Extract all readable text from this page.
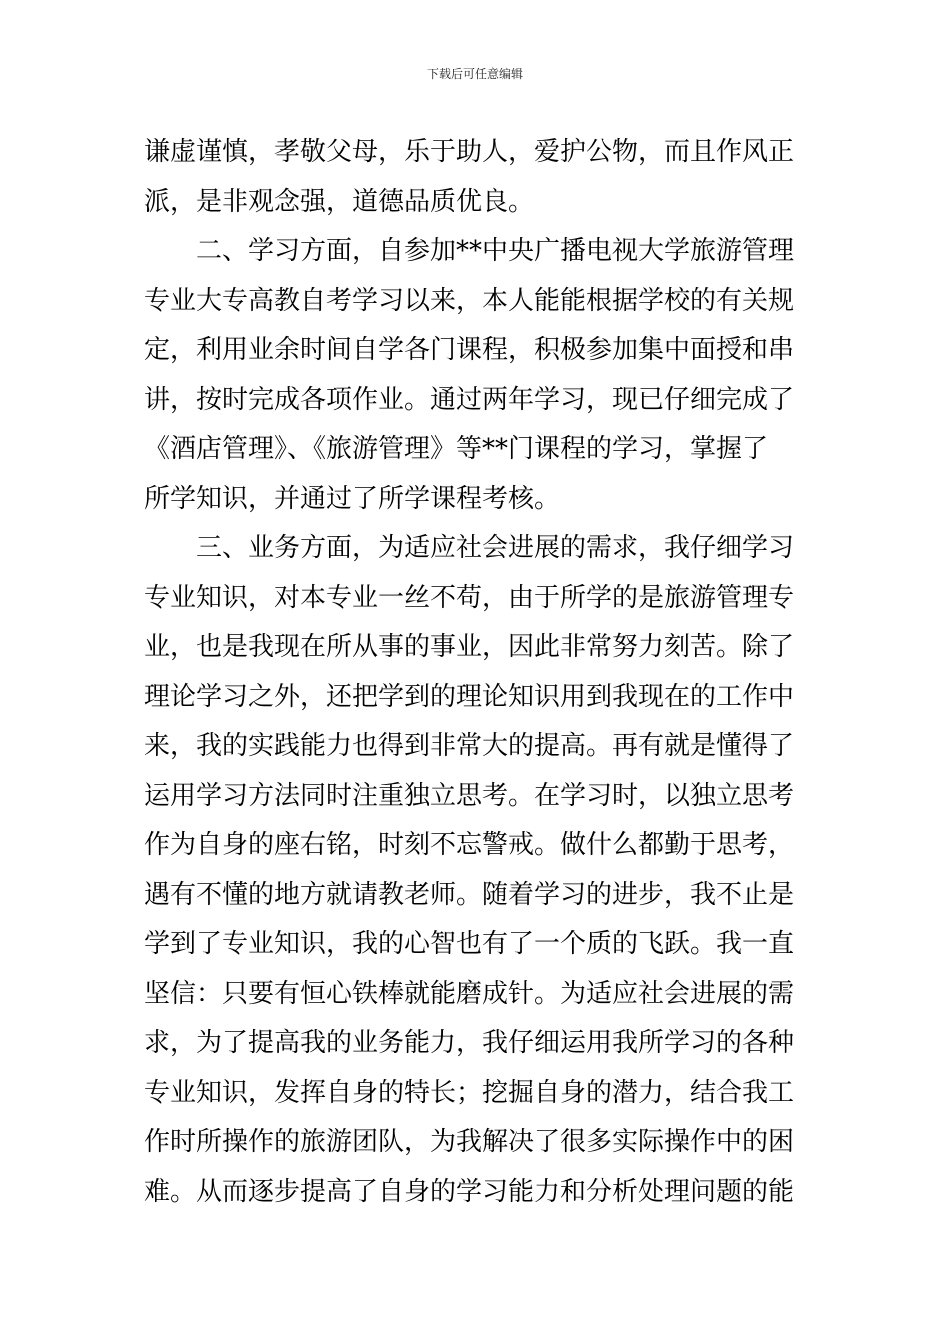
下载后可任意编辑
谦虚谨慎，孝敬父母，乐于助人，爱护公物，而且作风正
派，是非观念强，道德品质优良。
二、学习方面，自参加**中央广播电视大学旅游管理
专业大专高教自考学习以来，本人能能根据学校的有关规
定，利用业余时间自学各门课程，积极参加集中面授和串
讲，按时完成各项作业。通过两年学习，现已仔细完成了
《酒店管理》、《旅游管理》等**门课程的学习，掌握了
所学知识，并通过了所学课程考核。
三、业务方面，为适应社会进展的需求，我仔细学习
专业知识，对本专业一丝不苟，由于所学的是旅游管理专
业，也是我现在所从事的事业，因此非常努力刻苦。除了
理论学习之外，还把学到的理论知识用到我现在的工作中
来，我的实践能力也得到非常大的提高。再有就是懂得了
运用学习方法同时注重独立思考。在学习时，以独立思考
作为自身的座右铭，时刻不忘警戒。做什么都勤于思考，
遇有不懂的地方就请教老师。随着学习的进步，我不止是
学到了专业知识，我的心智也有了一个质的飞跃。我一直
坚信：只要有恒心铁棒就能磨成针。为适应社会进展的需
求，为了提高我的业务能力，我仔细运用我所学习的各种
专业知识，发挥自身的特长；挖掘自身的潜力，结合我工
作时所操作的旅游团队，为我解决了很多实际操作中的困
难。从而逐步提高了自身的学习能力和分析处理问题的能
